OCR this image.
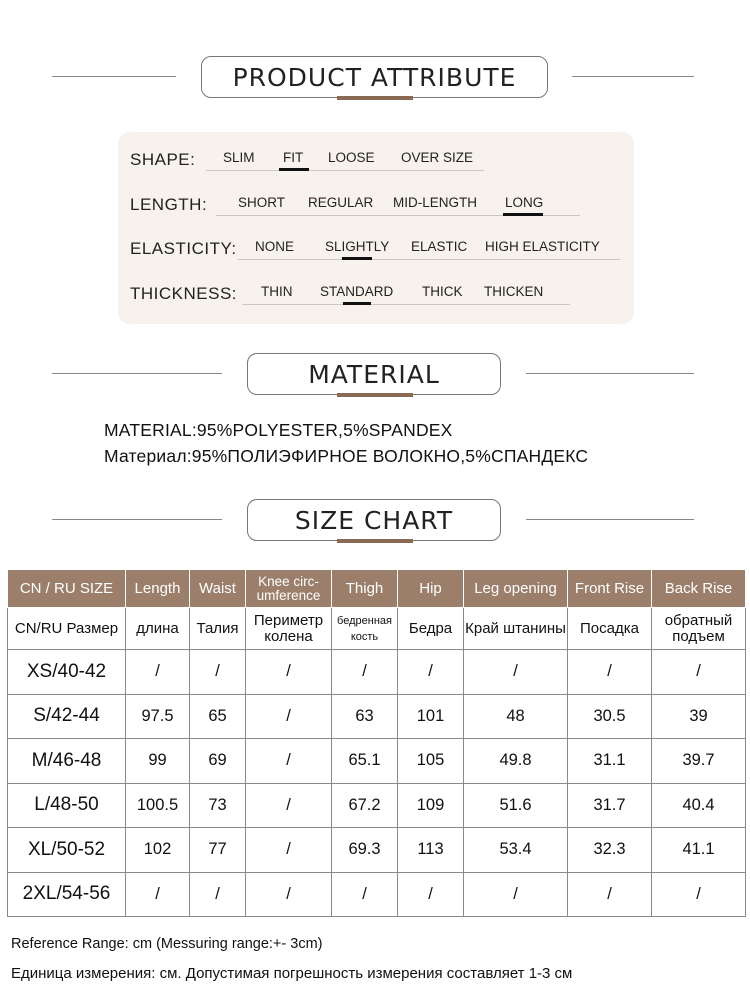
PRODUCT ATTRIBUTE
SHAPE: SLIM FIT LOOSE OVER SIZE
LENGTH: SHORT REGULAR MID-LENGTH LONG
ELASTICITY: NONE SLIGHTLY ELASTIC HIGH ELASTICITY
THICKNESS: THIN STANDARD THICK THICKEN
MATERIAL
MATERIAL:95%POLYESTER,5%SPANDEX
Материал:95%ПОЛИЭФИРНОЕ ВОЛОКНО,5%СПАНДЕКС
SIZE CHART
CN / RU SIZE	Length	Waist	Knee circ-umference	Thigh	Hip	Leg opening	Front Rise	Back Rise
CN/RU Размер	длина	Талия	Периметр колена	бедренная кость	Бедра	Край штанины	Посадка	обратный подъем
XS/40-42	/	/	/	/	/	/	/	/
S/42-44	97.5	65	/	63	101	48	30.5	39
M/46-48	99	69	/	65.1	105	49.8	31.1	39.7
L/48-50	100.5	73	/	67.2	109	51.6	31.7	40.4
XL/50-52	102	77	/	69.3	113	53.4	32.3	41.1
2XL/54-56	/	/	/	/	/	/	/	/
Reference Range: cm (Messuring range:+- 3cm)
Единица измерения: см. Допустимая погрешность измерения составляет 1-3 см
